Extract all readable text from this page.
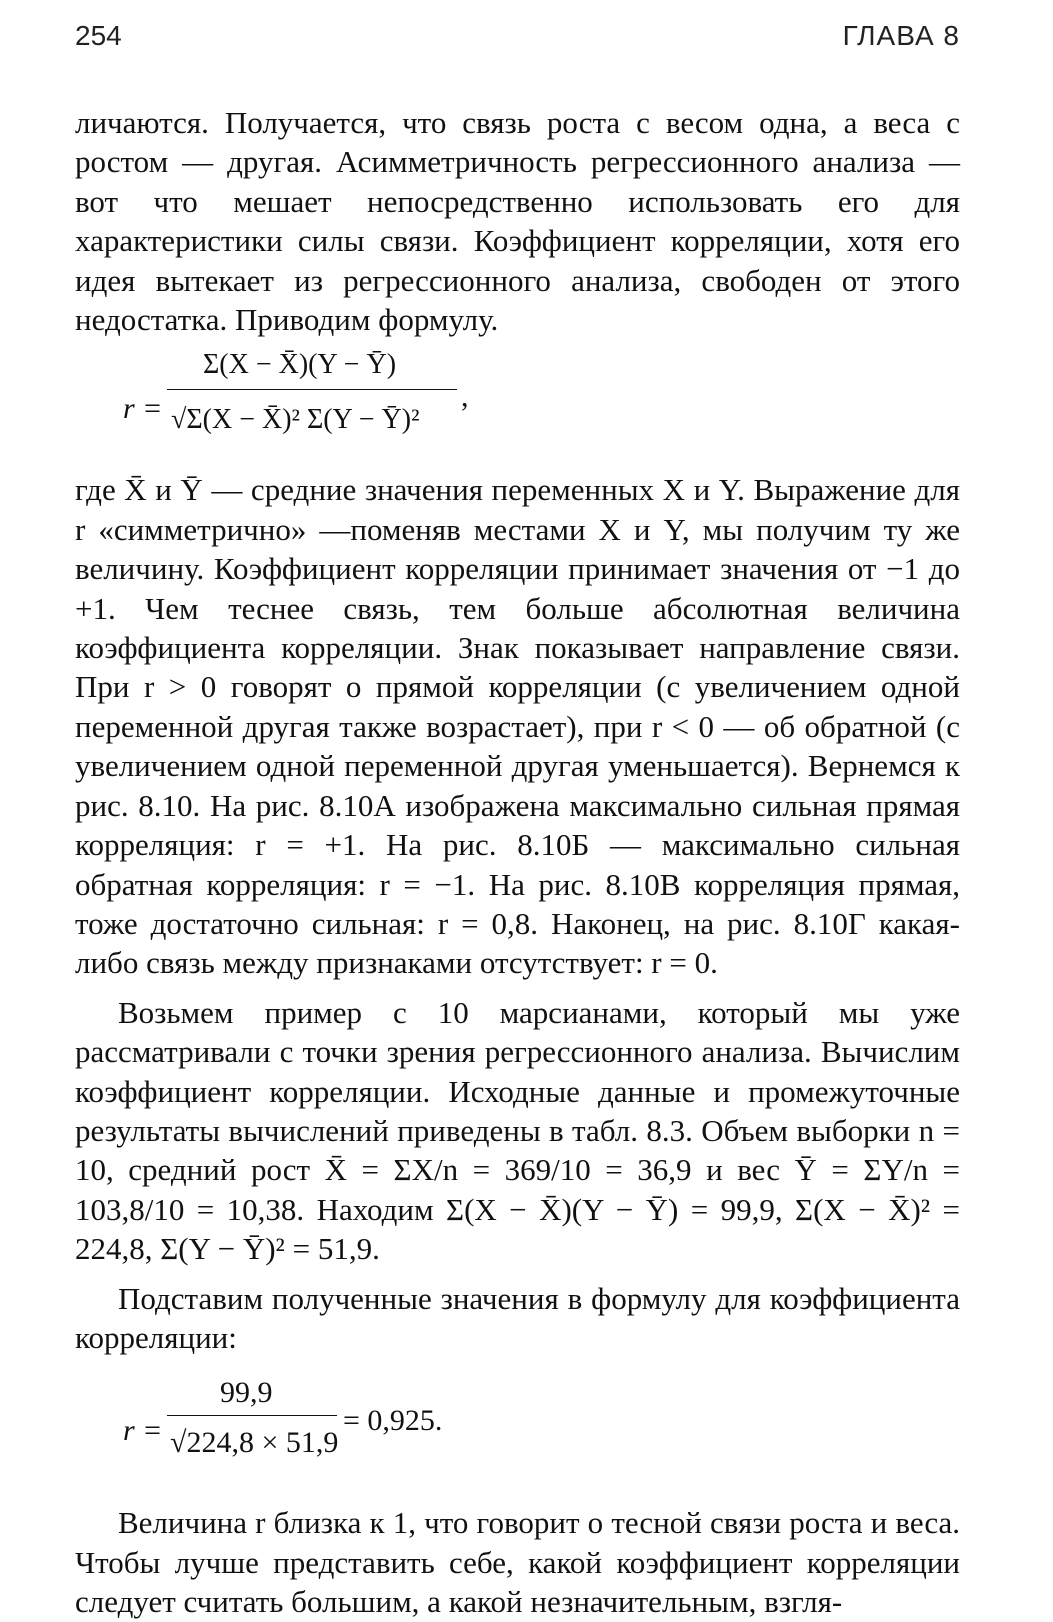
254	ГЛАВА 8

личаются. Получается, что связь роста с весом одна, а веса с ростом — другая. Асимметричность регрессионного анализа — вот что мешает непосредственно использовать его для характеристики силы связи. Коэффициент корреляции, хотя его идея вытекает из регрессионного анализа, свободен от этого недостатка. Приводим формулу.

r =
Σ(X − X̄)(Y − Ȳ)
√Σ(X − X̄)² Σ(Y − Ȳ)²
,

где X̄ и Ȳ — средние значения переменных X и Y. Выражение для r «симметрично» —поменяв местами X и Y, мы получим ту же величину. Коэффициент корреляции принимает значения от −1 до +1. Чем теснее связь, тем больше абсолютная величина коэффициента корреляции. Знак показывает направление связи. При r > 0 говорят о прямой корреляции (с увеличением одной переменной другая также возрастает), при r < 0 — об обратной (с увеличением одной переменной другая уменьшается). Вернемся к рис. 8.10. На рис. 8.10А изображена максимально сильная прямая корреляция: r = +1. На рис. 8.10Б — максимально сильная обратная корреляция: r = −1. На рис. 8.10В корреляция прямая, тоже достаточно сильная: r = 0,8. Наконец, на рис. 8.10Г какая-либо связь между признаками отсутствует: r = 0.

Возьмем пример с 10 марсианами, который мы уже рассматривали с точки зрения регрессионного анализа. Вычислим коэффициент корреляции. Исходные данные и промежуточные результаты вычислений приведены в табл. 8.3. Объем выборки n = 10, средний рост X̄ = ΣX/n = 369/10 = 36,9 и вес Ȳ = ΣY/n = 103,8/10 = 10,38. Находим Σ(X − X̄)(Y − Ȳ) = 99,9, Σ(X − X̄)² = 224,8, Σ(Y − Ȳ)² = 51,9.

Подставим полученные значения в формулу для коэффициента корреляции:

r =
99,9
√224,8 × 51,9
= 0,925.

Величина r близка к 1, что говорит о тесной связи роста и веса. Чтобы лучше представить себе, какой коэффициент корреляции следует считать большим, а какой незначительным, взгля-
